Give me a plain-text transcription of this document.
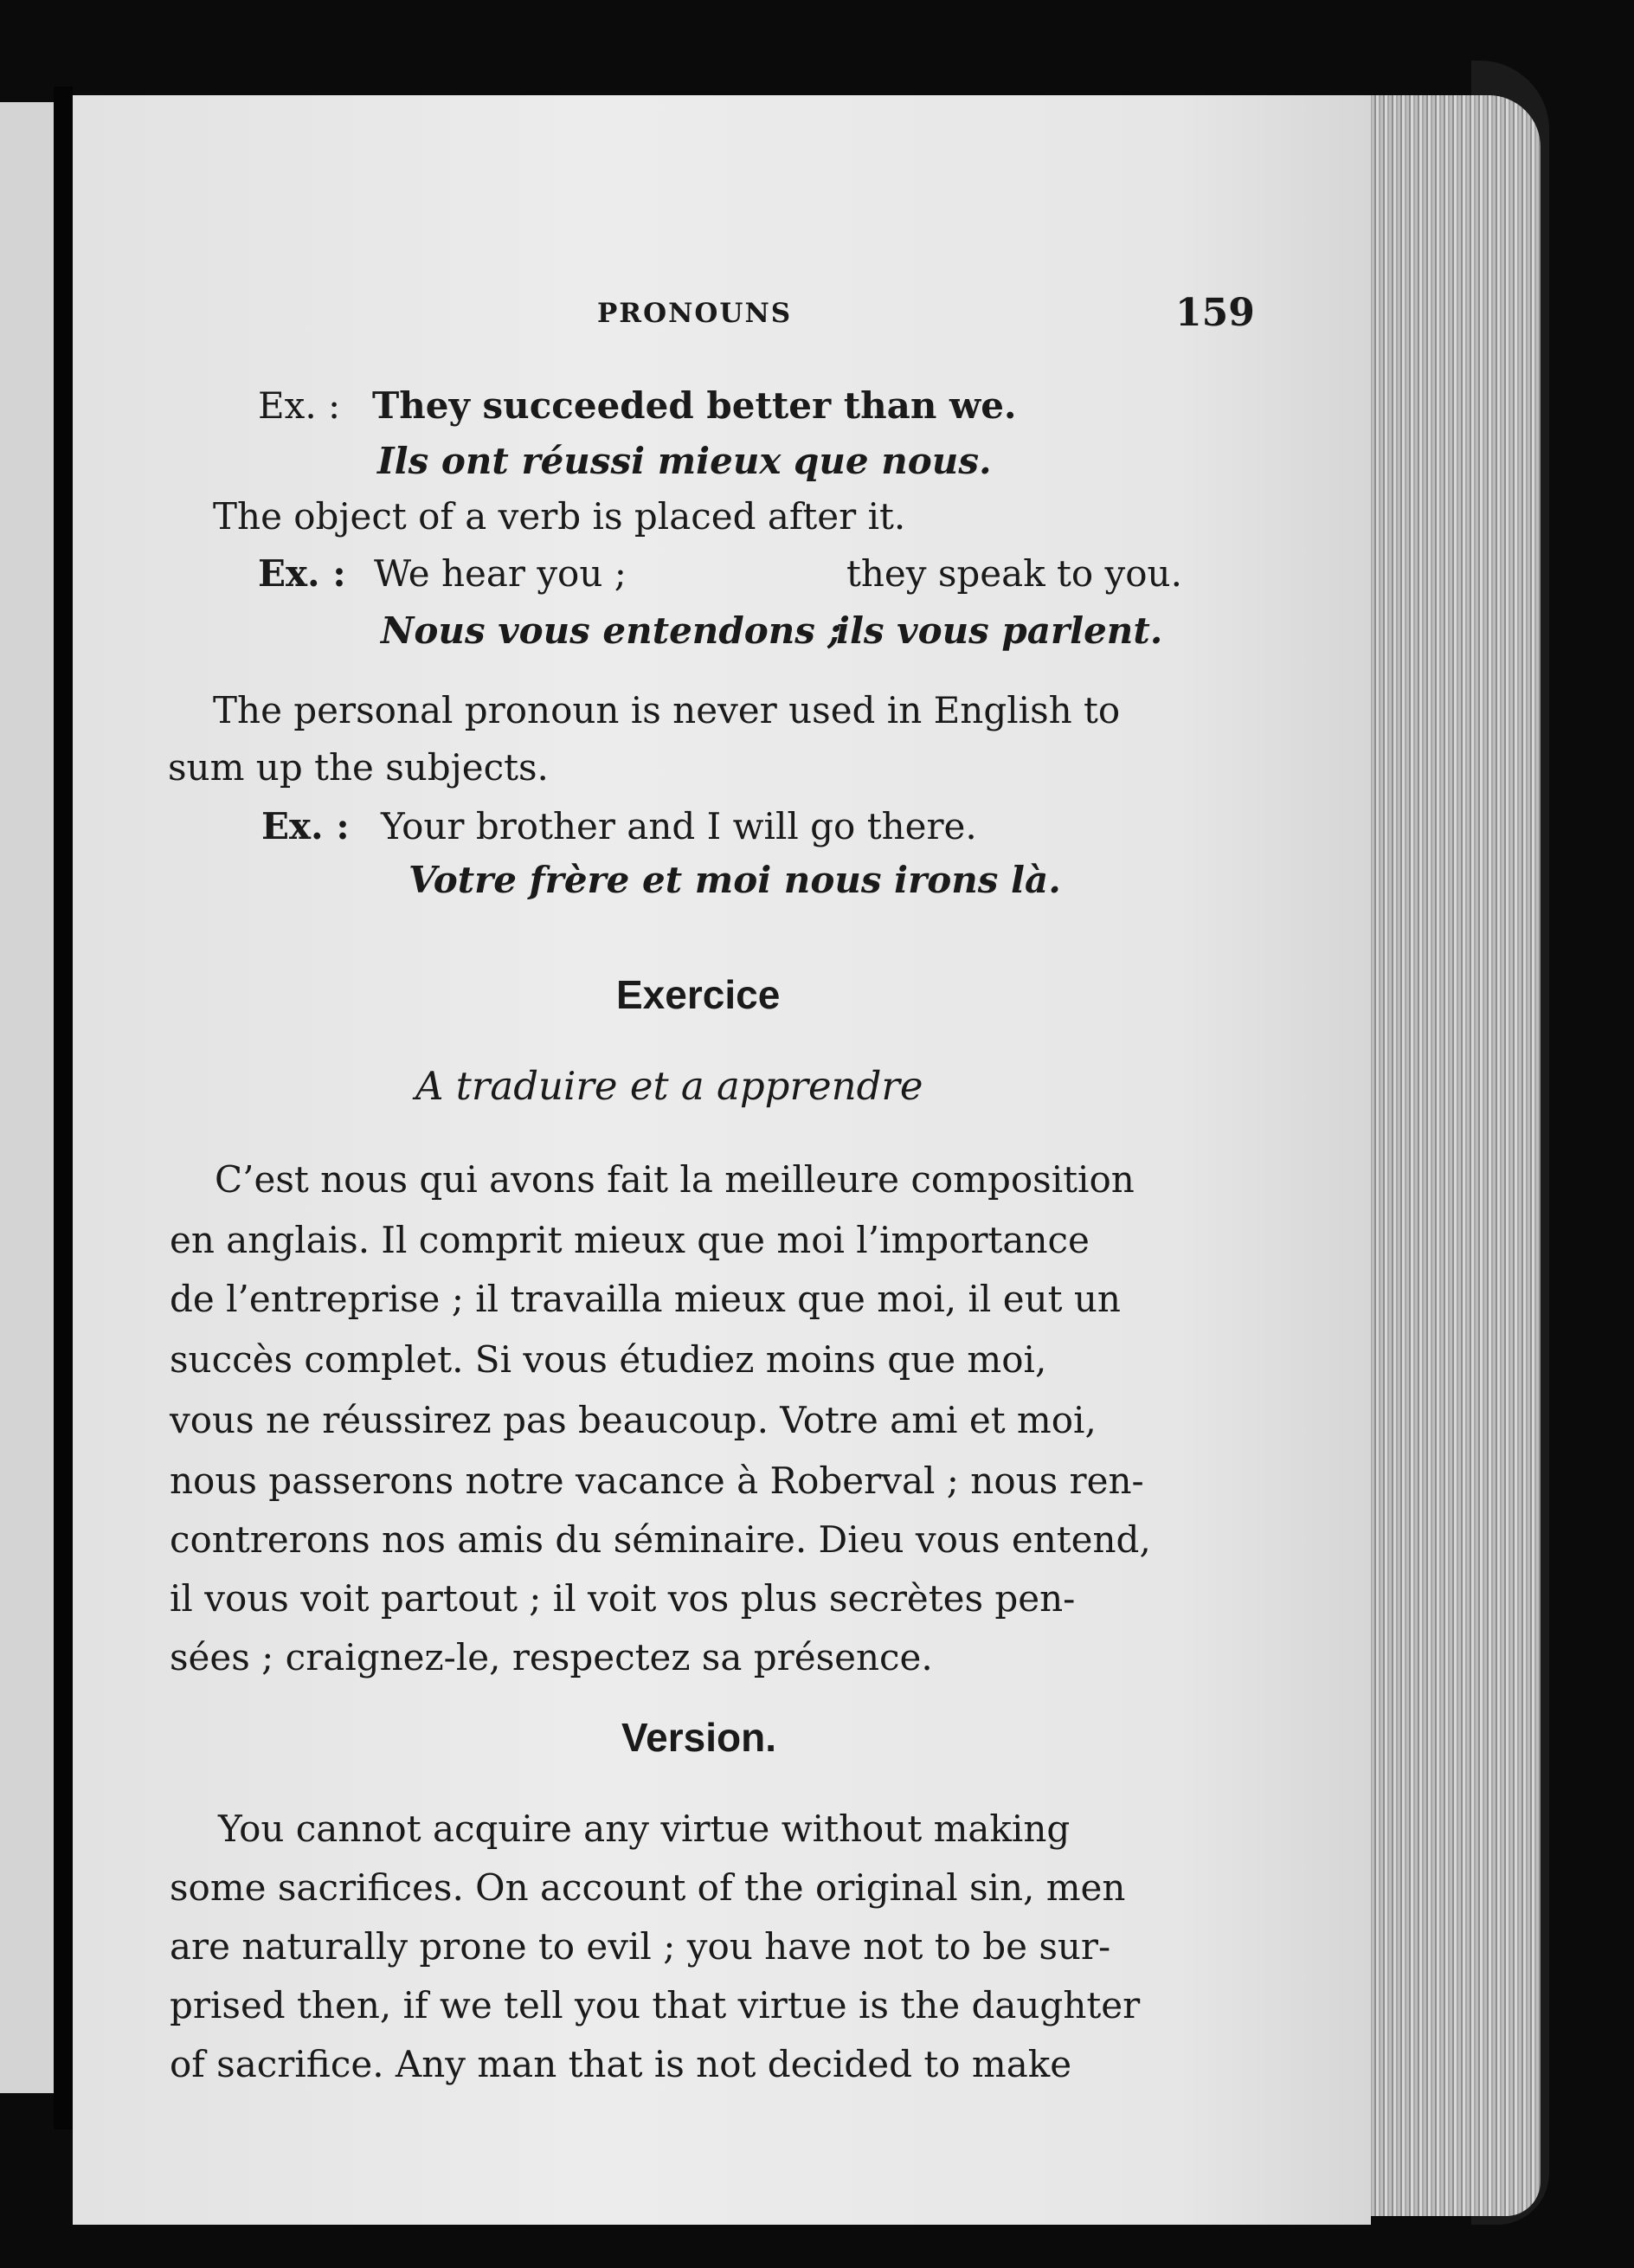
PRONOUNS	159
Ex. : They succeeded better than we.
Ils ont réussi mieux que nous.
The object of a verb is placed after it.
Ex. : We hear you ;	they speak to you.
Nous vous entendons ;
ils vous parlent.
The personal pronoun is never used in English to
sum up the subjects.
Ex. : Your brother and I will go there.
Votre frère et moi nous irons là.
Exercice
A traduire et a apprendre
C’est nous qui avons fait la meilleure composition
en anglais. Il comprit mieux que moi l’importance
de l’entreprise ; il travailla mieux que moi, il eut un
succès complet. Si vous étudiez moins que moi,
vous ne réussirez pas beaucoup. Votre ami et moi,
nous passerons notre vacance à Roberval ; nous ren-
contrerons nos amis du séminaire. Dieu vous entend,
il vous voit partout ; il voit vos plus secrètes pen-
sées ; craignez-le, respectez sa présence.
Version.
You cannot acquire any virtue without making
some sacrifices. On account of the original sin, men
are naturally prone to evil ; you have not to be sur-
prised then, if we tell you that virtue is the daughter
of sacrifice. Any man that is not decided to make
